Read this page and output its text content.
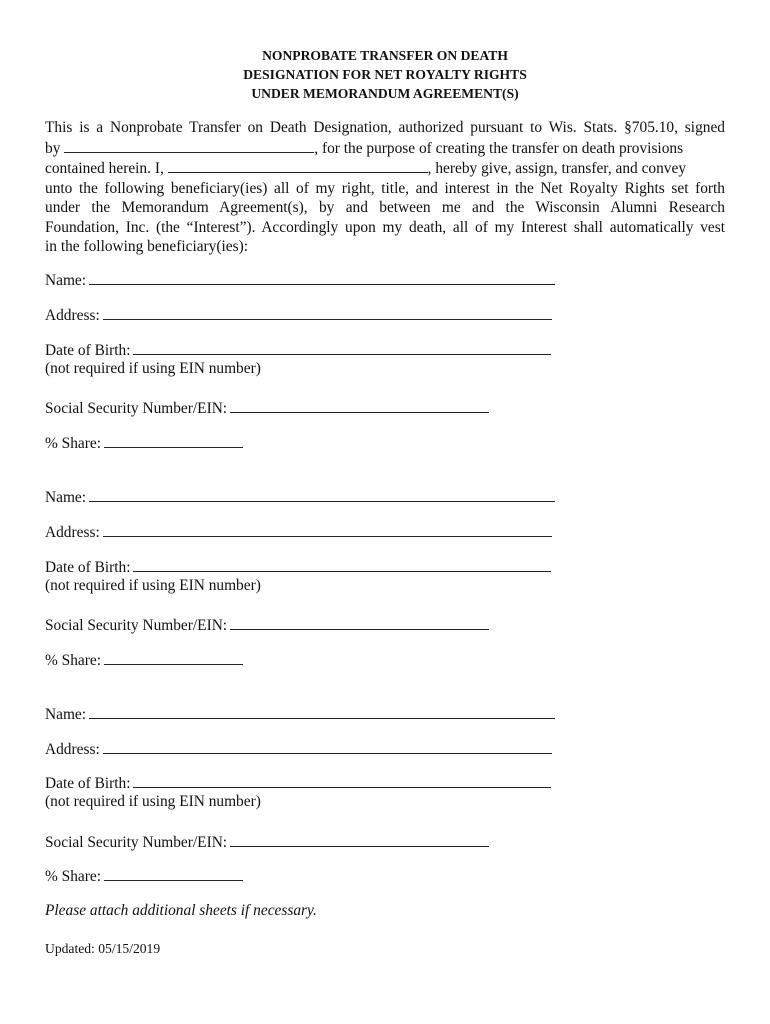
NONPROBATE TRANSFER ON DEATH
DESIGNATION FOR NET ROYALTY RIGHTS
UNDER MEMORANDUM AGREEMENT(S)
This is a Nonprobate Transfer on Death Designation, authorized pursuant to Wis. Stats. §705.10, signed
by	, for the purpose of creating the transfer on death provisions
contained herein. I,	, hereby give, assign, transfer, and convey
unto the following beneficiary(ies) all of my right, title, and interest in the Net Royalty Rights set forth
under the Memorandum Agreement(s), by and between me and the Wisconsin Alumni Research
Foundation, Inc. (the “Interest”). Accordingly upon my death, all of my Interest shall automatically vest
in the following beneficiary(ies):
Name:
Address:
Date of Birth:
(not required if using EIN number)
Social Security Number/EIN:
% Share:
Name:
Address:
Date of Birth:
(not required if using EIN number)
Social Security Number/EIN:
% Share:
Name:
Address:
Date of Birth:
(not required if using EIN number)
Social Security Number/EIN:
% Share:
Please attach additional sheets if necessary.
Updated: 05/15/2019
